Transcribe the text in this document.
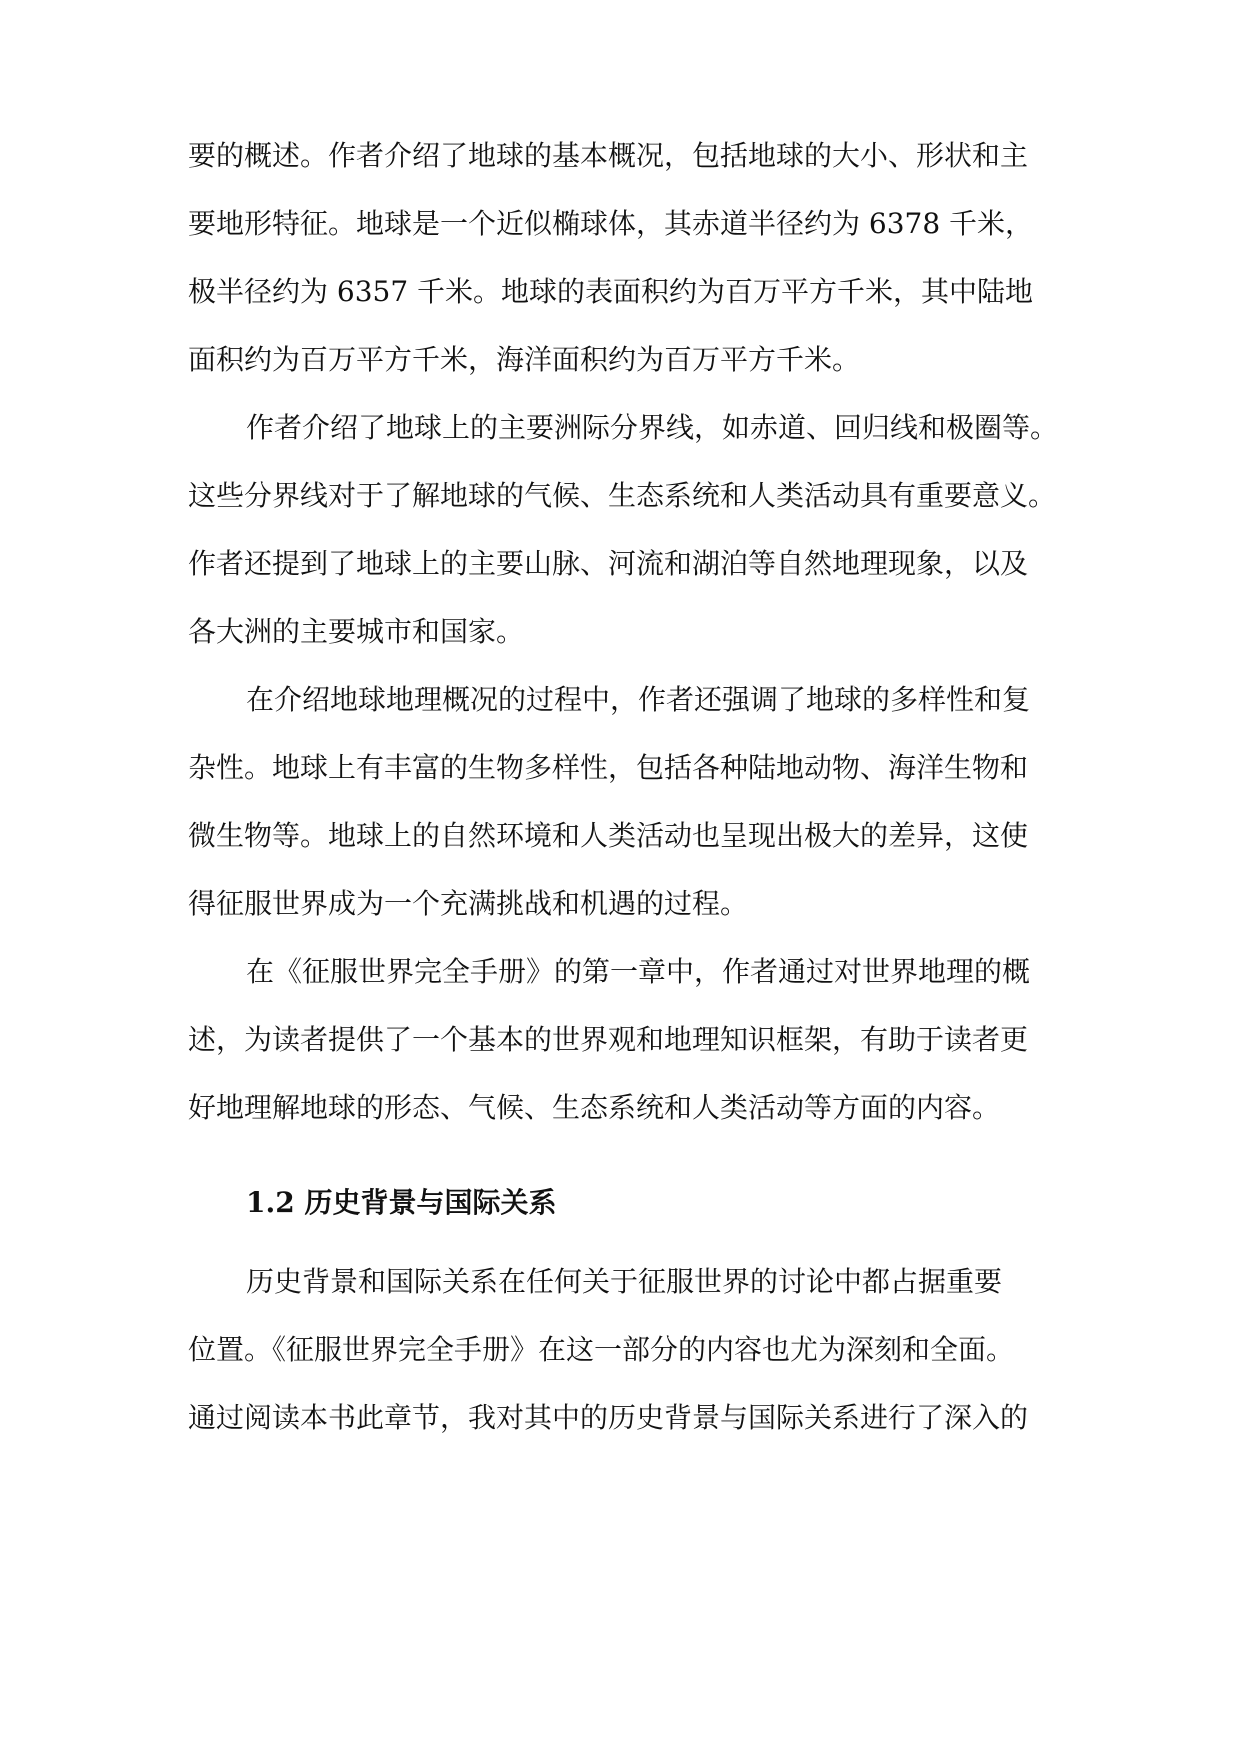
要的概述。作者介绍了地球的基本概况，包括地球的大小、形状和主
要地形特征。地球是一个近似椭球体，其赤道半径约为 6378 千米，
极半径约为 6357 千米。地球的表面积约为百万平方千米，其中陆地
面积约为百万平方千米，海洋面积约为百万平方千米。
作者介绍了地球上的主要洲际分界线，如赤道、回归线和极圈等。
这些分界线对于了解地球的气候、生态系统和人类活动具有重要意义。
作者还提到了地球上的主要山脉、河流和湖泊等自然地理现象，以及
各大洲的主要城市和国家。
在介绍地球地理概况的过程中，作者还强调了地球的多样性和复
杂性。地球上有丰富的生物多样性，包括各种陆地动物、海洋生物和
微生物等。地球上的自然环境和人类活动也呈现出极大的差异，这使
得征服世界成为一个充满挑战和机遇的过程。
在《征服世界完全手册》的第一章中，作者通过对世界地理的概
述，为读者提供了一个基本的世界观和地理知识框架，有助于读者更
好地理解地球的形态、气候、生态系统和人类活动等方面的内容。
1.2 历史背景与国际关系
历史背景和国际关系在任何关于征服世界的讨论中都占据重要
位置。《征服世界完全手册》在这一部分的内容也尤为深刻和全面。
通过阅读本书此章节，我对其中的历史背景与国际关系进行了深入的
